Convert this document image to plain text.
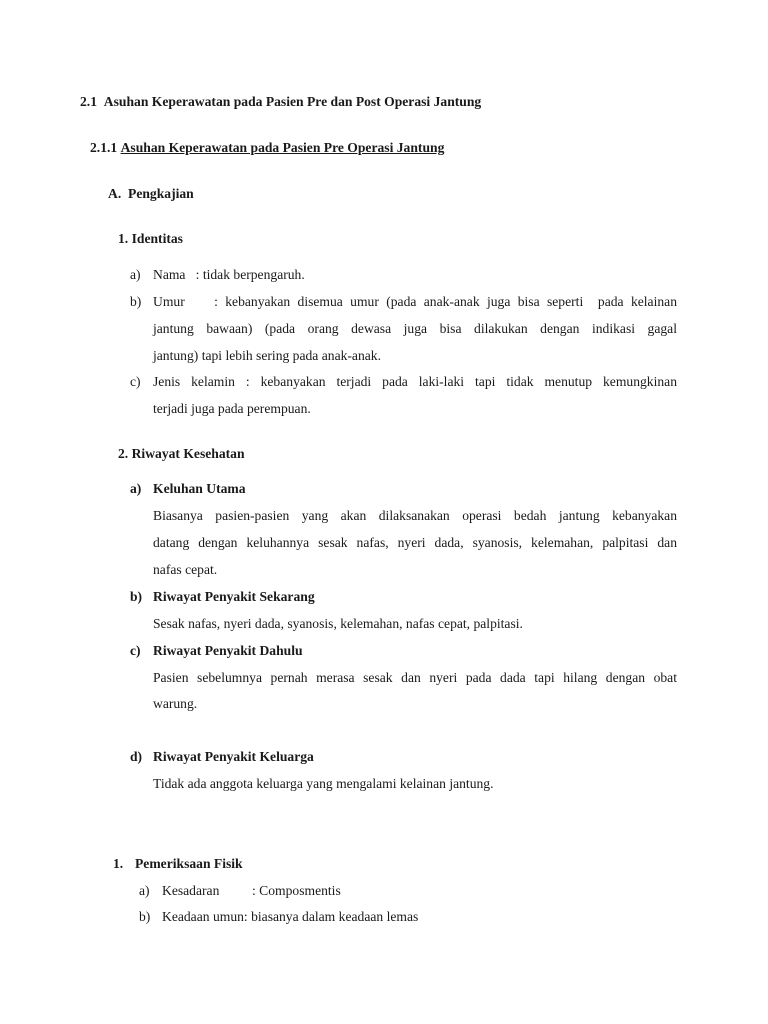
2.1 Asuhan Keperawatan pada Pasien Pre dan Post Operasi Jantung
2.1.1 Asuhan Keperawatan pada Pasien Pre Operasi Jantung
A. Pengkajian
1. Identitas
a) Nama   : tidak berpengaruh.
b) Umur    : kebanyakan disemua umur (pada anak-anak juga bisa seperti  pada kelainan
jantung bawaan) (pada orang dewasa juga bisa dilakukan dengan indikasi gagal
jantung) tapi lebih sering pada anak-anak.
c) Jenis kelamin : kebanyakan terjadi pada laki-laki tapi tidak menutup kemungkinan
terjadi juga pada perempuan.
2. Riwayat Kesehatan
a) Keluhan Utama
Biasanya pasien-pasien yang akan dilaksanakan operasi bedah jantung kebanyakan
datang dengan keluhannya sesak nafas, nyeri dada, syanosis, kelemahan, palpitasi dan
nafas cepat.
b) Riwayat Penyakit Sekarang
Sesak nafas, nyeri dada, syanosis, kelemahan, nafas cepat, palpitasi.
c) Riwayat Penyakit Dahulu
Pasien sebelumnya pernah merasa sesak dan nyeri pada dada tapi hilang dengan obat
warung.
d) Riwayat Penyakit Keluarga
Tidak ada anggota keluarga yang mengalami kelainan jantung.
1. Pemeriksaan Fisik
a) Kesadaran : Composmentis
b) Keadaan umun: biasanya dalam keadaan lemas
